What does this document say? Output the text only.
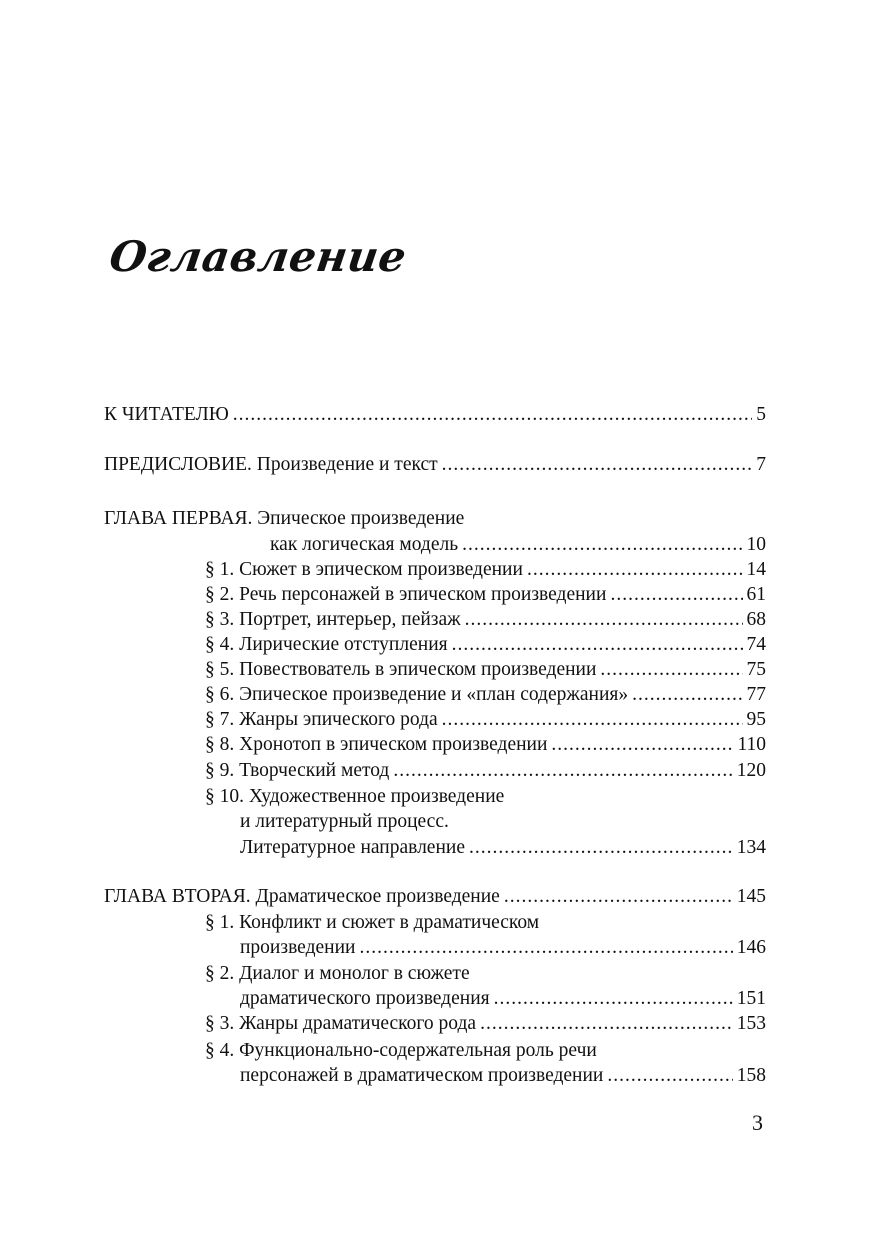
Оглавление
К ЧИТАТЕЛЮ .....	5
ПРЕДИСЛОВИЕ. Произведение и текст .....	7
ГЛАВА ПЕРВАЯ. Эпическое произведение
как логическая модель .....	10
§ 1. Сюжет в эпическом произведении .....	14
§ 2. Речь персонажей в эпическом произведении .....	61
§ 3. Портрет, интерьер, пейзаж .....	68
§ 4. Лирические отступления .....	74
§ 5. Повествователь в эпическом произведении .....	75
§ 6. Эпическое произведение и «план содержания» .....	77
§ 7. Жанры эпического рода .....	95
§ 8. Хронотоп в эпическом произведении .....	110
§ 9. Творческий метод .....	120
§ 10. Художественное произведение
и литературный процесс.
Литературное направление .....	134
ГЛАВА ВТОРАЯ. Драматическое произведение .....	145
§ 1. Конфликт и сюжет в драматическом
произведении .....	146
§ 2. Диалог и монолог в сюжете
драматического произведения .....	151
§ 3. Жанры драматического рода .....	153
§ 4. Функционально-содержательная роль речи
персонажей в драматическом произведении .....	158
3
